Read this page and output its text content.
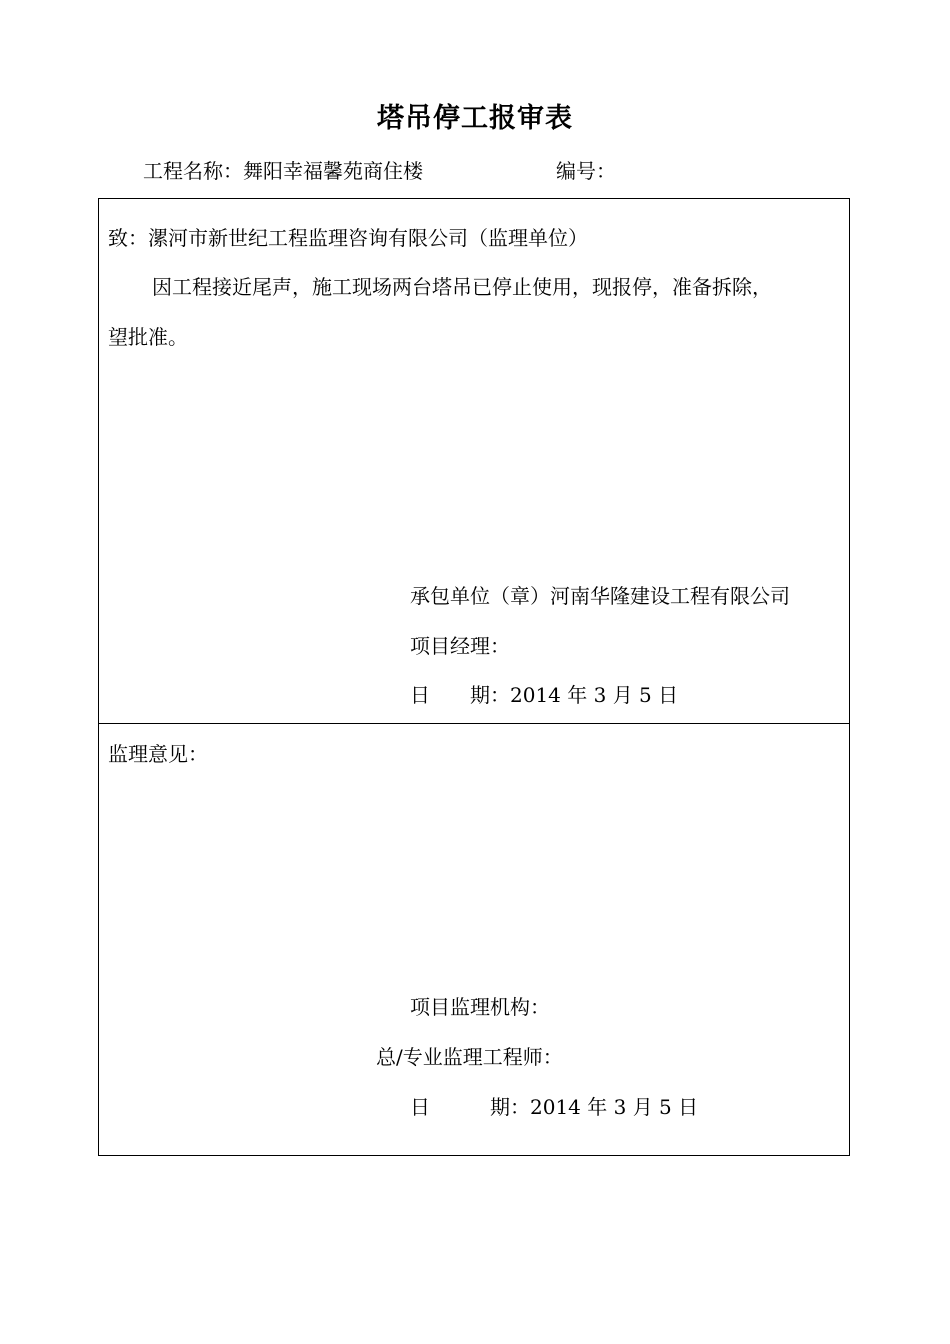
塔吊停工报审表
工程名称：舞阳幸福馨苑商住楼	编号：
致：漯河市新世纪工程监理咨询有限公司（监理单位）
因工程接近尾声，施工现场两台塔吊已停止使用，现报停，准备拆除，
望批准。
承包单位（章）河南华隆建设工程有限公司
项目经理：
日　　期：2014 年 3 月 5 日
监理意见：
项目监理机构：
总/专业监理工程师：
日　　　期：2014 年 3 月 5 日
